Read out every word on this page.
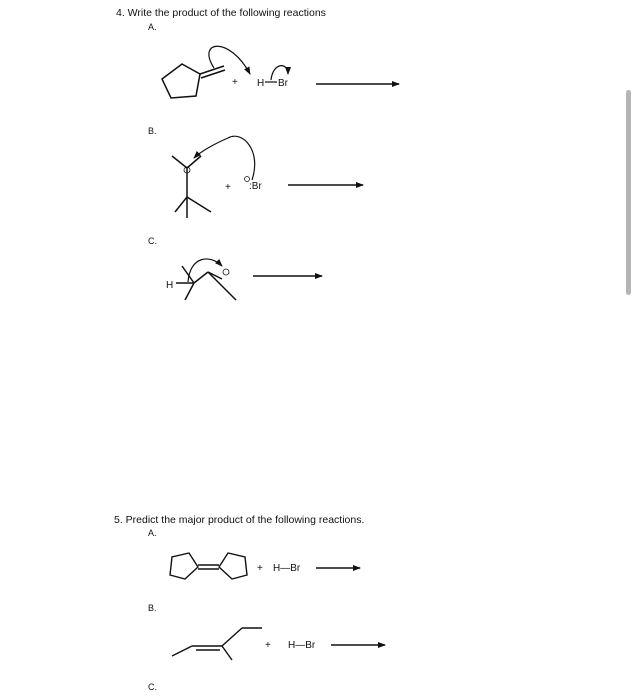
4. Write the product of the following reactions
A.
B.
C.
5. Predict the major product of the following reactions.
A.
B.
C.
+ H Br
+ :Br
H
+ H—Br
+ H—Br
